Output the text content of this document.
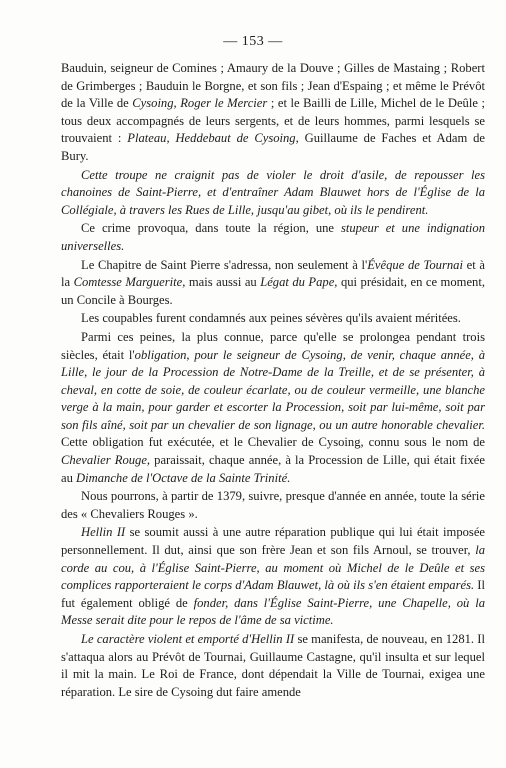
— 153 —

Bauduin, seigneur de Comines ; Amaury de la Douve ; Gilles de Mastaing ; Robert de Grimberges ; Bauduin le Borgne, et son fils ; Jean d'Espaing ; et même le Prévôt de la Ville de Cysoing, Roger le Mercier ; et le Bailli de Lille, Michel de le Deûle ; tous deux accompagnés de leurs sergents, et de leurs hommes, parmi lesquels se trouvaient : Plateau, Heddebaut de Cysoing, Guillaume de Faches et Adam de Bury.

Cette troupe ne craignit pas de violer le droit d'asile, de repousser les chanoines de Saint-Pierre, et d'entraîner Adam Blauwet hors de l'Église de la Collégiale, à travers les Rues de Lille, jusqu'au gibet, où ils le pendirent.

Ce crime provoqua, dans toute la région, une stupeur et une indignation universelles.

Le Chapitre de Saint Pierre s'adressa, non seulement à l'Évêque de Tournai et à la Comtesse Marguerite, mais aussi au Légat du Pape, qui présidait, en ce moment, un Concile à Bourges.

Les coupables furent condamnés aux peines sévères qu'ils avaient méritées.

Parmi ces peines, la plus connue, parce qu'elle se prolongea pendant trois siècles, était l'obligation, pour le seigneur de Cysoing, de venir, chaque année, à Lille, le jour de la Procession de Notre-Dame de la Treille, et de se présenter, à cheval, en cotte de soie, de couleur écarlate, ou de couleur vermeille, une blanche verge à la main, pour garder et escorter la Procession, soit par lui-même, soit par son fils aîné, soit par un chevalier de son lignage, ou un autre honorable chevalier. Cette obligation fut exécutée, et le Chevalier de Cysoing, connu sous le nom de Chevalier Rouge, paraissait, chaque année, à la Procession de Lille, qui était fixée au Dimanche de l'Octave de la Sainte Trinité.

Nous pourrons, à partir de 1379, suivre, presque d'année en année, toute la série des « Chevaliers Rouges ».

Hellin II se soumit aussi à une autre réparation publique qui lui était imposée personnellement. Il dut, ainsi que son frère Jean et son fils Arnoul, se trouver, la corde au cou, à l'Église Saint-Pierre, au moment où Michel de le Deûle et ses complices rapporteraient le corps d'Adam Blauwet, là où ils s'en étaient emparés. Il fut également obligé de fonder, dans l'Église Saint-Pierre, une Chapelle, où la Messe serait dite pour le repos de l'âme de sa victime.

Le caractère violent et emporté d'Hellin II se manifesta, de nouveau, en 1281. Il s'attaqua alors au Prévôt de Tournai, Guillaume Castagne, qu'il insulta et sur lequel il mit la main. Le Roi de France, dont dépendait la Ville de Tournai, exigea une réparation. Le sire de Cysoing dut faire amende
